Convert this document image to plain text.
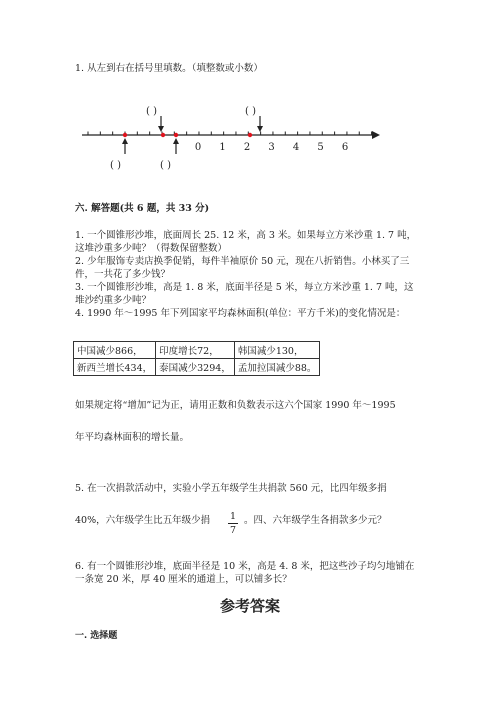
1. 从左到右在括号里填数。（填整数或小数）
0 1 2 3 4 5 6
( )	( )
( )	( )
六. 解答题(共 6 题，共 33 分)
1. 一个圆锥形沙堆，底面周长 25. 12 米，高 3 米。如果每立方米沙重 1. 7 吨，
这堆沙重多少吨？（得数保留整数）
2. 少年服饰专卖店换季促销，每件半袖原价 50 元，现在八折销售。小林买了三
件，一共花了多少钱？
3. 一个圆锥形沙堆，高是 1. 8 米，底面半径是 5 米，每立方米沙重 1. 7 吨，这
堆沙约重多少吨？
4. 1990 年～1995 年下列国家平均森林面积(单位：平方千米)的变化情况是：
中国减少866，	印度增长72，	韩国减少130，
新西兰增长434，	泰国减少3294，	孟加拉国减少88。
如果规定将“增加”记为正，请用正数和负数表示这六个国家 1990 年～1995
年平均森林面积的增长量。
5. 在一次捐款活动中，实验小学五年级学生共捐款 560 元，比四年级多捐
40%，六年级学生比五年级少捐 1
7
。四、六年级学生各捐款多少元？
6. 有一个圆锥形沙堆，底面半径是 10 米，高是 4. 8 米，把这些沙子均匀地铺在
一条宽 20 米，厚 40 厘米的通道上，可以铺多长？
参考答案
一. 选择题
